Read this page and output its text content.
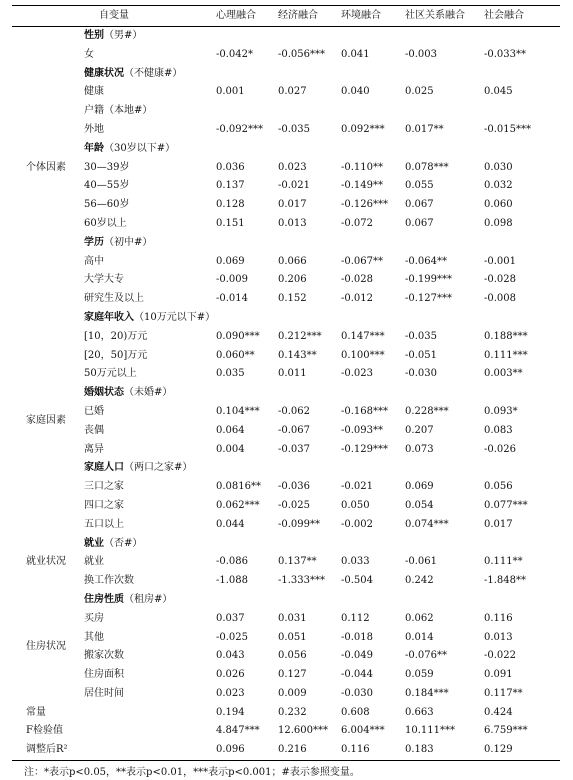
自变量		心理融合	经济融合	环境融合	社区关系融合	社会融合
个体因素	性别（男#）					
	女	-0.042*	-0.056***	0.041	-0.003	-0.033**
	健康状况（不健康#）					
	健康	0.001	0.027	0.040	0.025	0.045
	户籍（本地#）					
	外地	-0.092***	-0.035	0.092***	0.017**	-0.015***
	年龄（30岁以下#）					
	30—39岁	0.036	0.023	-0.110**	0.078***	0.030
	40—55岁	0.137	-0.021	-0.149**	0.055	0.032
	56—60岁	0.128	0.017	-0.126***	0.067	0.060
	60岁以上	0.151	0.013	-0.072	0.067	0.098
	学历（初中#）					
	高中	0.069	0.066	-0.067**	-0.064**	-0.001
	大学大专	-0.009	0.206	-0.028	-0.199***	-0.028
	研究生及以上	-0.014	0.152	-0.012	-0.127***	-0.008
家庭因素	家庭年收入（10万元以下#）					
	[10，20)万元	0.090***	0.212***	0.147***	-0.035	0.188***
	[20，50]万元	0.060**	0.143**	0.100***	-0.051	0.111***
	50万元以上	0.035	0.011	-0.023	-0.030	0.003**
	婚姻状态（未婚#）					
	已婚	0.104***	-0.062	-0.168***	0.228***	0.093*
	丧偶	0.064	-0.067	-0.093**	0.207	0.083
	离异	0.004	-0.037	-0.129***	0.073	-0.026
	家庭人口（两口之家#）					
	三口之家	0.0816**	-0.036	-0.021	0.069	0.056
	四口之家	0.062***	-0.025	0.050	0.054	0.077***
	五口以上	0.044	-0.099**	-0.002	0.074***	0.017
就业状况	就业（否#）					
	就业	-0.086	0.137**	0.033	-0.061	0.111**
	换工作次数	-1.088	-1.333***	-0.504	0.242	-1.848**
住房状况	住房性质（租房#）					
	买房	0.037	0.031	0.112	0.062	0.116
	其他	-0.025	0.051	-0.018	0.014	0.013
	搬家次数	0.043	0.056	-0.049	-0.076**	-0.022
	住房面积	0.026	0.127	-0.044	0.059	0.091
	居住时间	0.023	0.009	-0.030	0.184***	0.117**
常量		0.194	0.232	0.608	0.663	0.424
F检验值		4.847***	12.600***	6.004***	10.111***	6.759***
调整后R²		0.096	0.216	0.116	0.183	0.129
注：*表示p<0.05，**表示p<0.01，***表示p<0.001；#表示参照变量。
